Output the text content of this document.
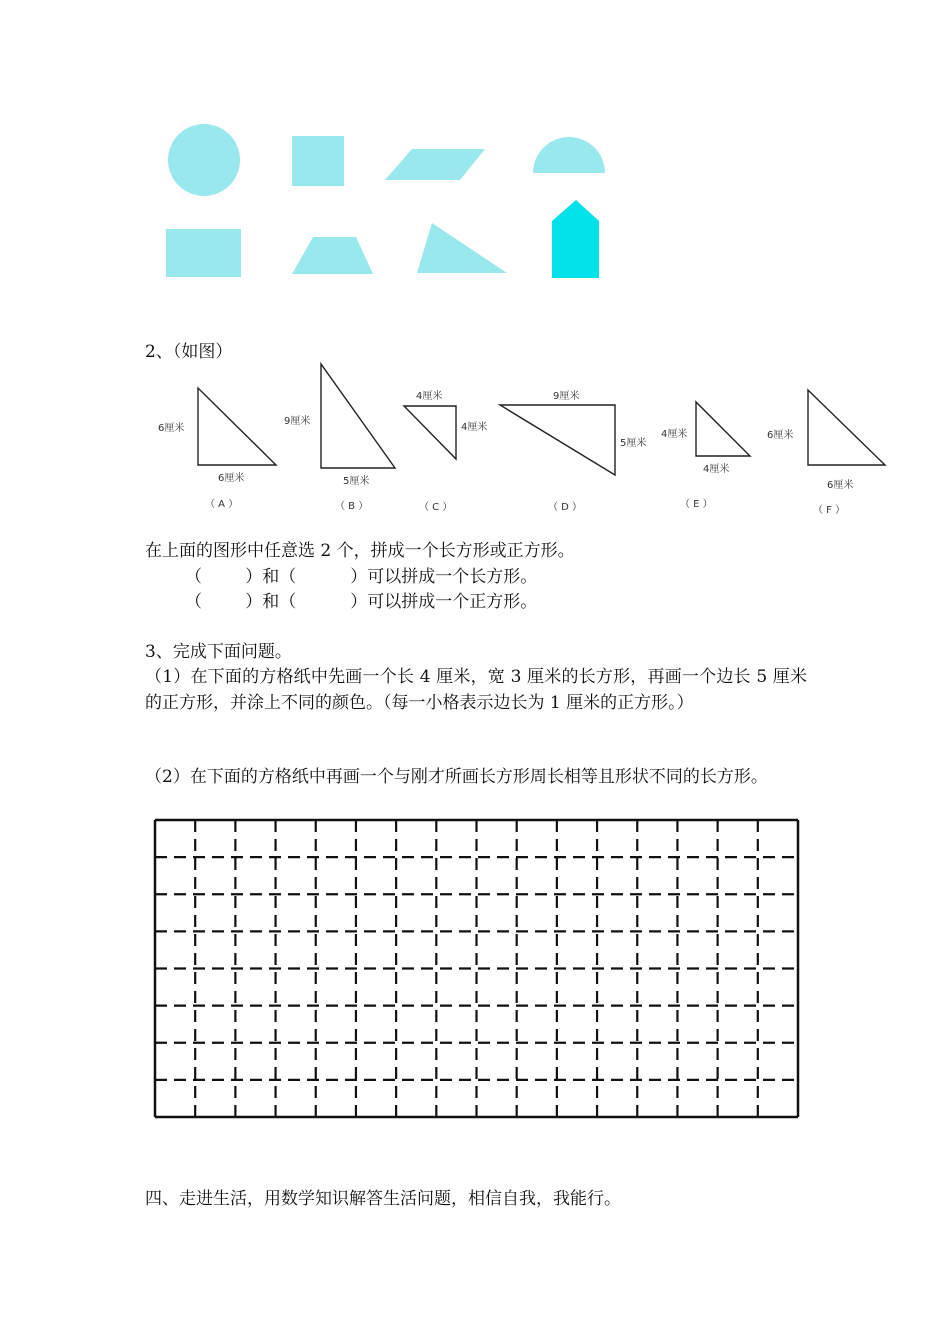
2、（如图）
6厘米
6厘米
（ A ）
9厘米
5厘米
（ B ）
4厘米
4厘米
（ C ）
9厘米
5厘米
（ D ）
4厘米
4厘米
（ E ）
6厘米
6厘米
（ F ）
在上面的图形中任意选 2 个，拼成一个长方形或正方形。
（        ）和（          ）可以拼成一个长方形。
（        ）和（          ）可以拼成一个正方形。
3、完成下面问题。
（1）在下面的方格纸中先画一个长 4 厘米，宽 3 厘米的长方形，再画一个边长 5 厘米的正方形，并涂上不同的颜色。（每一小格表示边长为 1 厘米的正方形。）
（2）在下面的方格纸中再画一个与刚才所画长方形周长相等且形状不同的长方形。
四、走进生活，用数学知识解答生活问题，相信自我，我能行。
